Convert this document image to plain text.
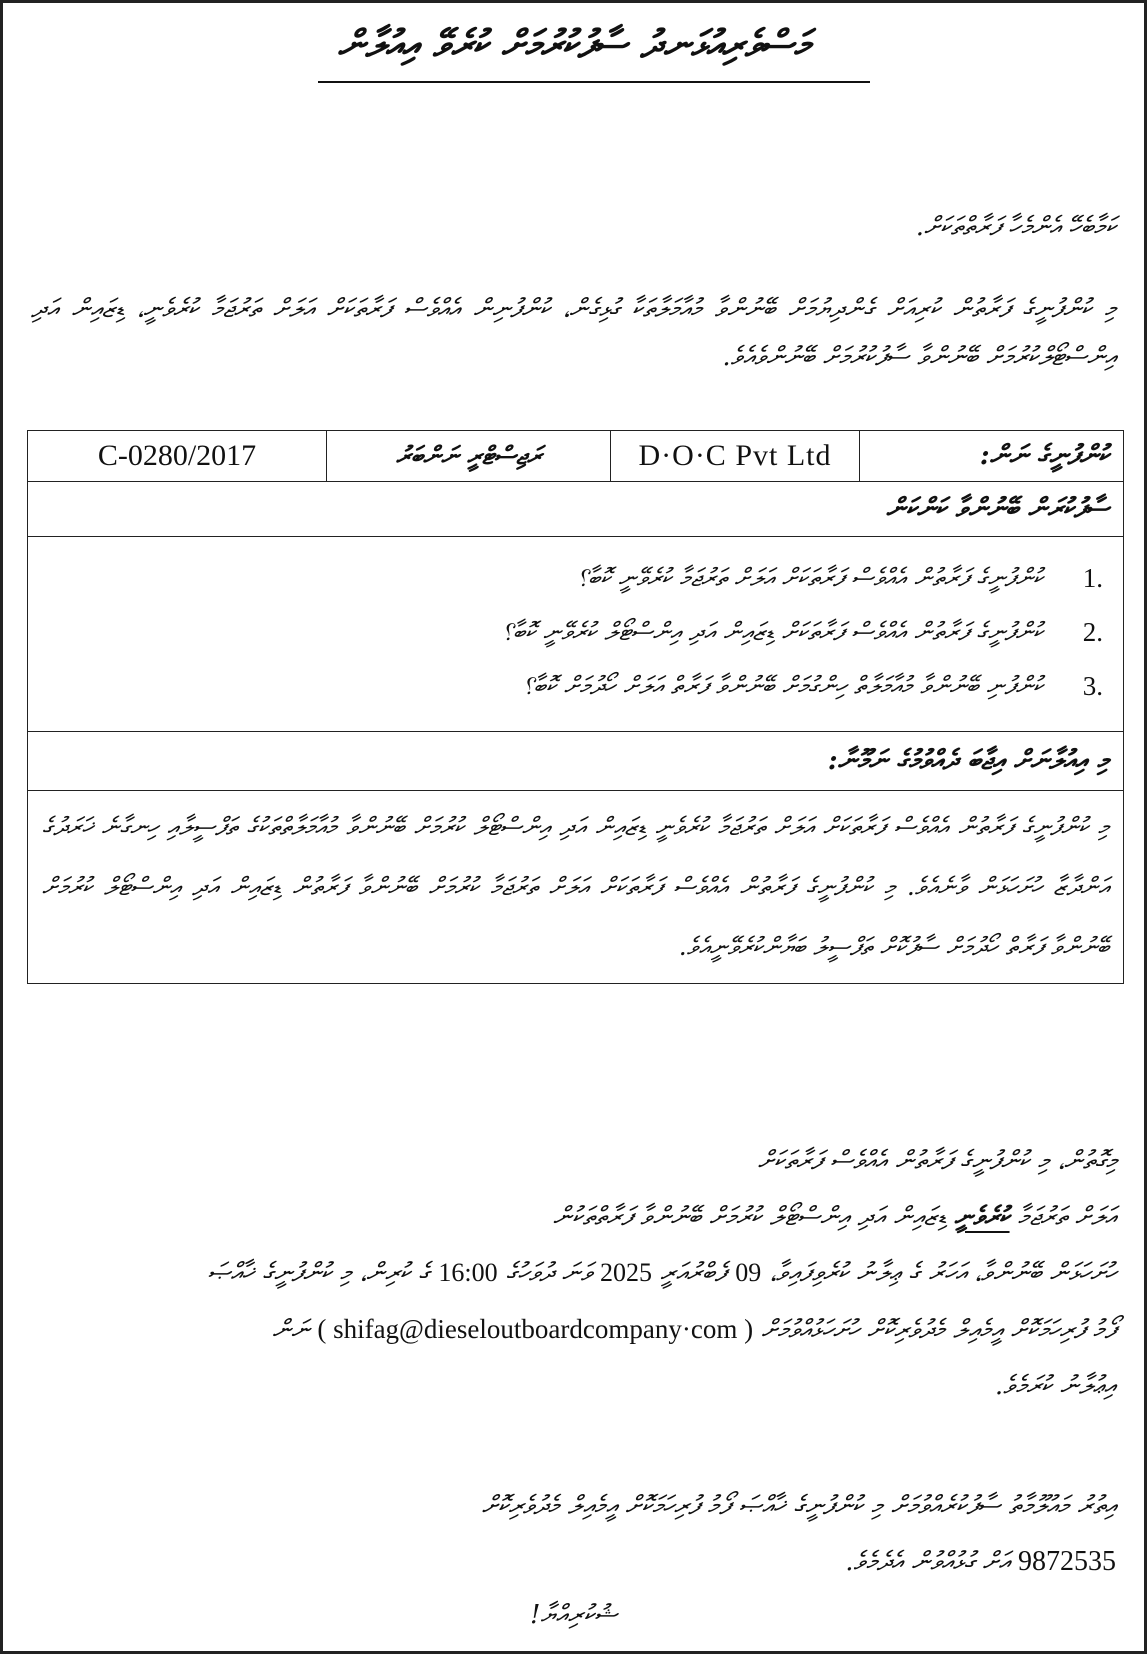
މަސްވެރިއުޅަނދު ސާފުކުރުމަށް ކުރެވޭ އިއުލާން
ކަމާބެހޭ އެންމެހާ ފަރާތްތަކަށް.
މި ކުންފުނީގެ ފަރާތުން ކުރިއަށް ގެންދިޔުމަށް ބޭނުންވާ މުއާމަލާތަކާ ގުޅިގެން، ކުންފުނިން އެއްވެސް ފަރާތަކަށް އަލަށް ތަރުޖަމާ ކުރެވެނީ، ޑިޒައިން އަދި އިންސްޓޯލްކުރުމަށް ބޭނުންވާ ސާފުކުރުމަށް ބޭނުންވެއެވެ.
C-0280/2017	ރަޖިސްޓްރީ ނަންބަރު	D·O·C Pvt Ltd	ކުންފުނީގެ ނަން:
ސާފުކުރަން ބޭނުންވާ ކަންކަން

1.
ކުންފުނީގެ ފަރާތުން އެއްވެސް ފަރާތަކަށް އަލަށް ތަރުޖަމާ ކުރެވޭނީ ކޮބާ؟
2.
ކުންފުނީގެ ފަރާތުން އެއްވެސް ފަރާތަކަށް ޑިޒައިން އަދި އިންސްޓޯލް ކުރެވޭނީ ކޮބާ؟
3.
ކުންފުނި ބޭނުންވާ މުއާމަލާތް ހިންގުމަށް ބޭނުންވާ ފަރާތް އަލަށް ހޯދުމަށް ކޮބާ؟

މި އިއުލާނަށް އިޖާބަ ދެއްވުމުގެ ނަމޫނާ:
މި ކުންފުނީގެ ފަރާތުން އެއްވެސް ފަރާތަކަށް އަލަށް ތަރުޖަމާ ކުރެވެނީ ޑިޒައިން އަދި އިންސްޓޯލް ކުރުމަށް ބޭނުންވާ މުއާމަލާތްތަކުގެ ތަފްސީލާއި ހިނގާނެ ޚަރަދުގެ އަންދާޒާ ހުށަހަޅަން ވާނެއެވެ. މި ކުންފުނީގެ ފަރާތުން އެއްވެސް ފަރާތަކަށް އަލަށް ތަރުޖަމާ ކުރުމަށް ބޭނުންވާ ފަރާތުން ޑިޒައިން އަދި އިންސްޓޯލް ކުރުމަށް ބޭނުންވާ ފަރާތް ހޯދުމަށް ސާފުކޮށް ތަފްސީލު ބަޔާންކުރެވޭނީއެވެ.
މިގޮތުން، މި ކުންފުނީގެ ފަރާތުން އެއްވެސް ފަރާތަކަށް
އަލަށް ތަރުޖަމާ ކުރެވެނީ ޑިޒައިން އަދި އިންސްޓޯލް ކުރުމަށް ބޭނުންވާ ފަރާތްތަކުން
ހުށަހަޅަން ބޭނުންވާ، އަހަރު ގެ ޢިލާނު ކުރެވިފައިވާ، 09 ފެބްރުއަރީ 2025 ވަނަ ދުވަހުގެ 16:00 ގެ ކުރިން، މި ކުންފުނީގެ ޚާއްޞަ
ފޯމު ފުރިހަމަކޮށް އީމެއިލް މެދުވެރިކޮށް ހުށަހަޅުއްވުމަށް ( shifag@dieseloutboardcompany·com ) ނަން
އިޢުލާނު ކުރަމެވެ.
އިތުރު މައުލޫމާތު ސާފުކުރެއްވުމަށް މި ކުންފުނީގެ ޚާއްޞަ ފޯމު ފުރިހަމަކޮށް އީމެއިލް މެދުވެރިކޮށް
9872535 އަށް ގުޅުއްވުން އެދެމެވެ.
ޝުކުރިއްޔާ!
